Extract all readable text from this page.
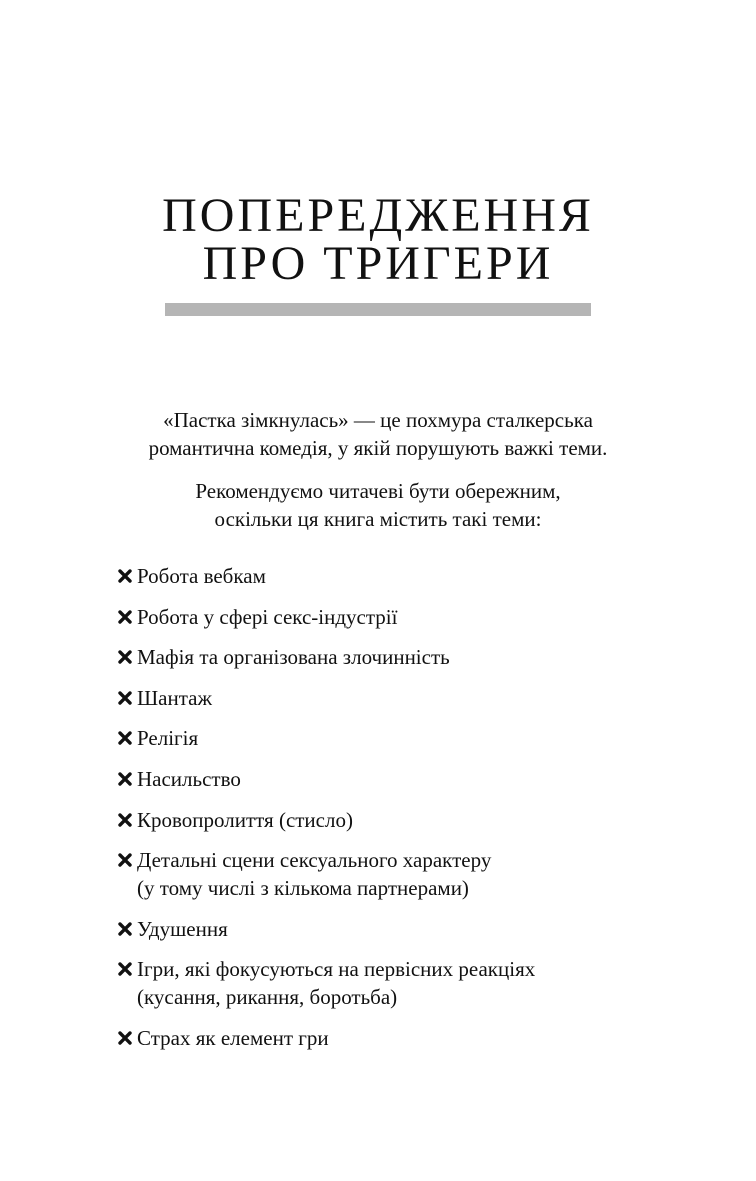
ПОПЕРЕДЖЕННЯ
ПРО ТРИГЕРИ

«Пастка зімкнулась» — це похмура сталкерська
романтична комедія, у якій порушують важкі теми.

Рекомендуємо читачеві бути обережним,
оскільки ця книга містить такі теми:

Робота вебкам
Робота у сфері секс-індустрії
Мафія та організована злочинність
Шантаж
Релігія
Насильство
Кровопролиття (стисло)
Детальні сцени сексуального характеру
(у тому числі з кількома партнерами)
Удушення
Ігри, які фокусуються на первісних реакціях
(кусання, рикання, боротьба)
Страх як елемент гри
